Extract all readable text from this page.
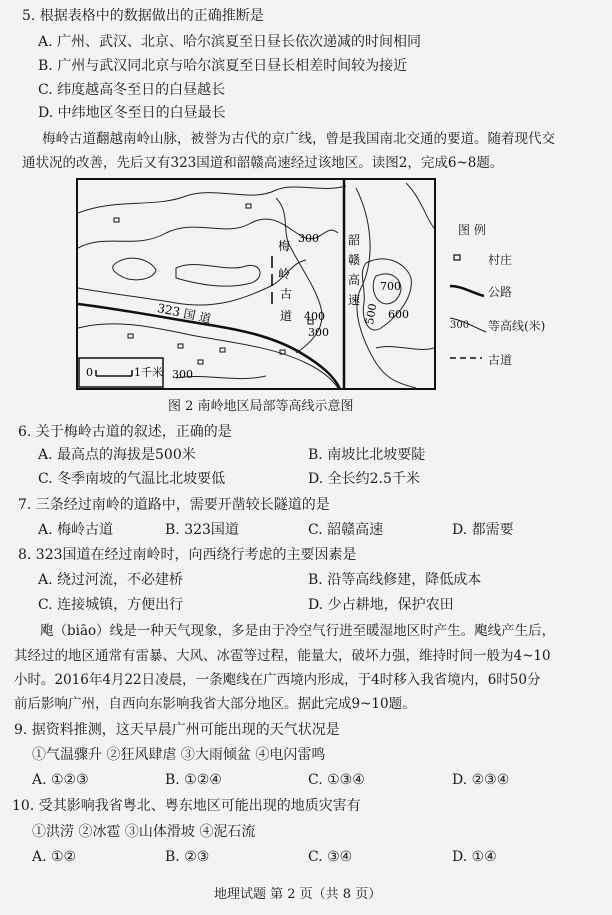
5. 根据表格中的数据做出的正确推断是
A. 广州、武汉、北京、哈尔滨夏至日昼长依次递减的时间相同
B. 广州与武汉同北京与哈尔滨夏至日昼长相差时间较为接近
C. 纬度越高冬至日的白昼越长
D. 中纬地区冬至日的白昼最长
梅岭古道翻越南岭山脉，被誉为古代的京广线，曾是我国南北交通的要道。随着现代交
通状况的改善，先后又有323国道和韶赣高速经过该地区。读图2，完成6~8题。
300
400	500 600
700
300
300
梅
岭
古
道
韶
赣
高
速
323 国 道
0	1千米
图 例
村庄
公路
300 等高线(米)
古道
图 2 南岭地区局部等高线示意图
6. 关于梅岭古道的叙述，正确的是
A. 最高点的海拔是500米	B. 南坡比北坡要陡
C. 冬季南坡的气温比北坡要低	D. 全长约2.5千米
7. 三条经过南岭的道路中，需要开凿较长隧道的是
A. 梅岭古道	B. 323国道	C. 韶赣高速	D. 都需要
8. 323国道在经过南岭时，向西绕行考虑的主要因素是
A. 绕过河流，不必建桥	B. 沿等高线修建，降低成本
C. 连接城镇，方便出行	D. 少占耕地，保护农田
飑（biāo）线是一种天气现象，多是由于冷空气行进至暖湿地区时产生。飑线产生后，
其经过的地区通常有雷暴、大风、冰雹等过程，能量大，破坏力强，维持时间一般为4~10
小时。2016年4月22日凌晨，一条飑线在广西境内形成，于4时移入我省境内，6时50分
前后影响广州，自西向东影响我省大部分地区。据此完成9~10题。
9. 据资料推测，这天早晨广州可能出现的天气状况是
①气温骤升 ②狂风肆虐 ③大雨倾盆 ④电闪雷鸣
A. ①②③	B. ①②④	C. ①③④	D. ②③④
10. 受其影响我省粤北、粤东地区可能出现的地质灾害有
①洪涝 ②冰雹 ③山体滑坡 ④泥石流
A. ①②	B. ②③	C. ③④	D. ①④
地理试题 第 2 页（共 8 页）
